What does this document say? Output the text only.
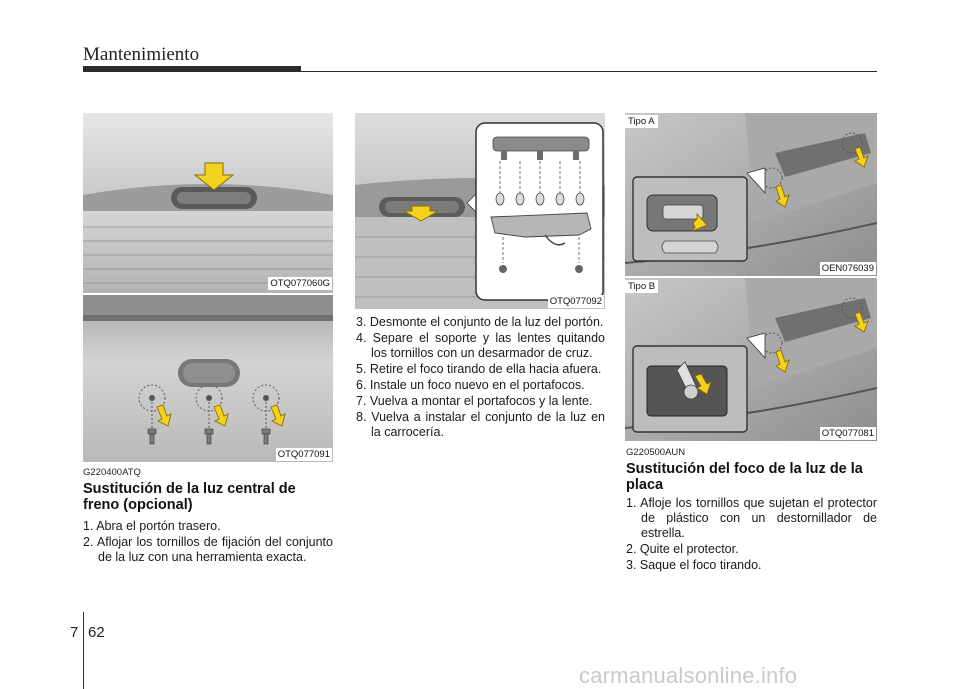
Mantenimiento
OTQ077060G
OTQ077091
OTQ077092
Tipo A
OEN076039
Tipo B
OTQ077081
G220400ATQ
Sustitución de la luz central de freno (opcional)
1. Abra el portón trasero.
2. Aflojar los tornillos de fijación del conjunto de la luz con una herramienta exacta.
3. Desmonte el conjunto de la luz del portón.
4. Separe el soporte y las lentes quitando los tornillos con un desarmador de cruz.
5. Retire el foco tirando de ella hacia afuera.
6. Instale un foco nuevo en el portafocos.
7. Vuelva a montar el portafocos y la lente.
8. Vuelva a instalar el conjunto de la luz en la carrocería.
G220500AUN
Sustitución del foco de la luz de la placa
1. Afloje los tornillos que sujetan el protector de plástico con un destornillador de estrella.
2. Quite el protector.
3. Saque el foco tirando.
7 62
carmanualsonline.info
